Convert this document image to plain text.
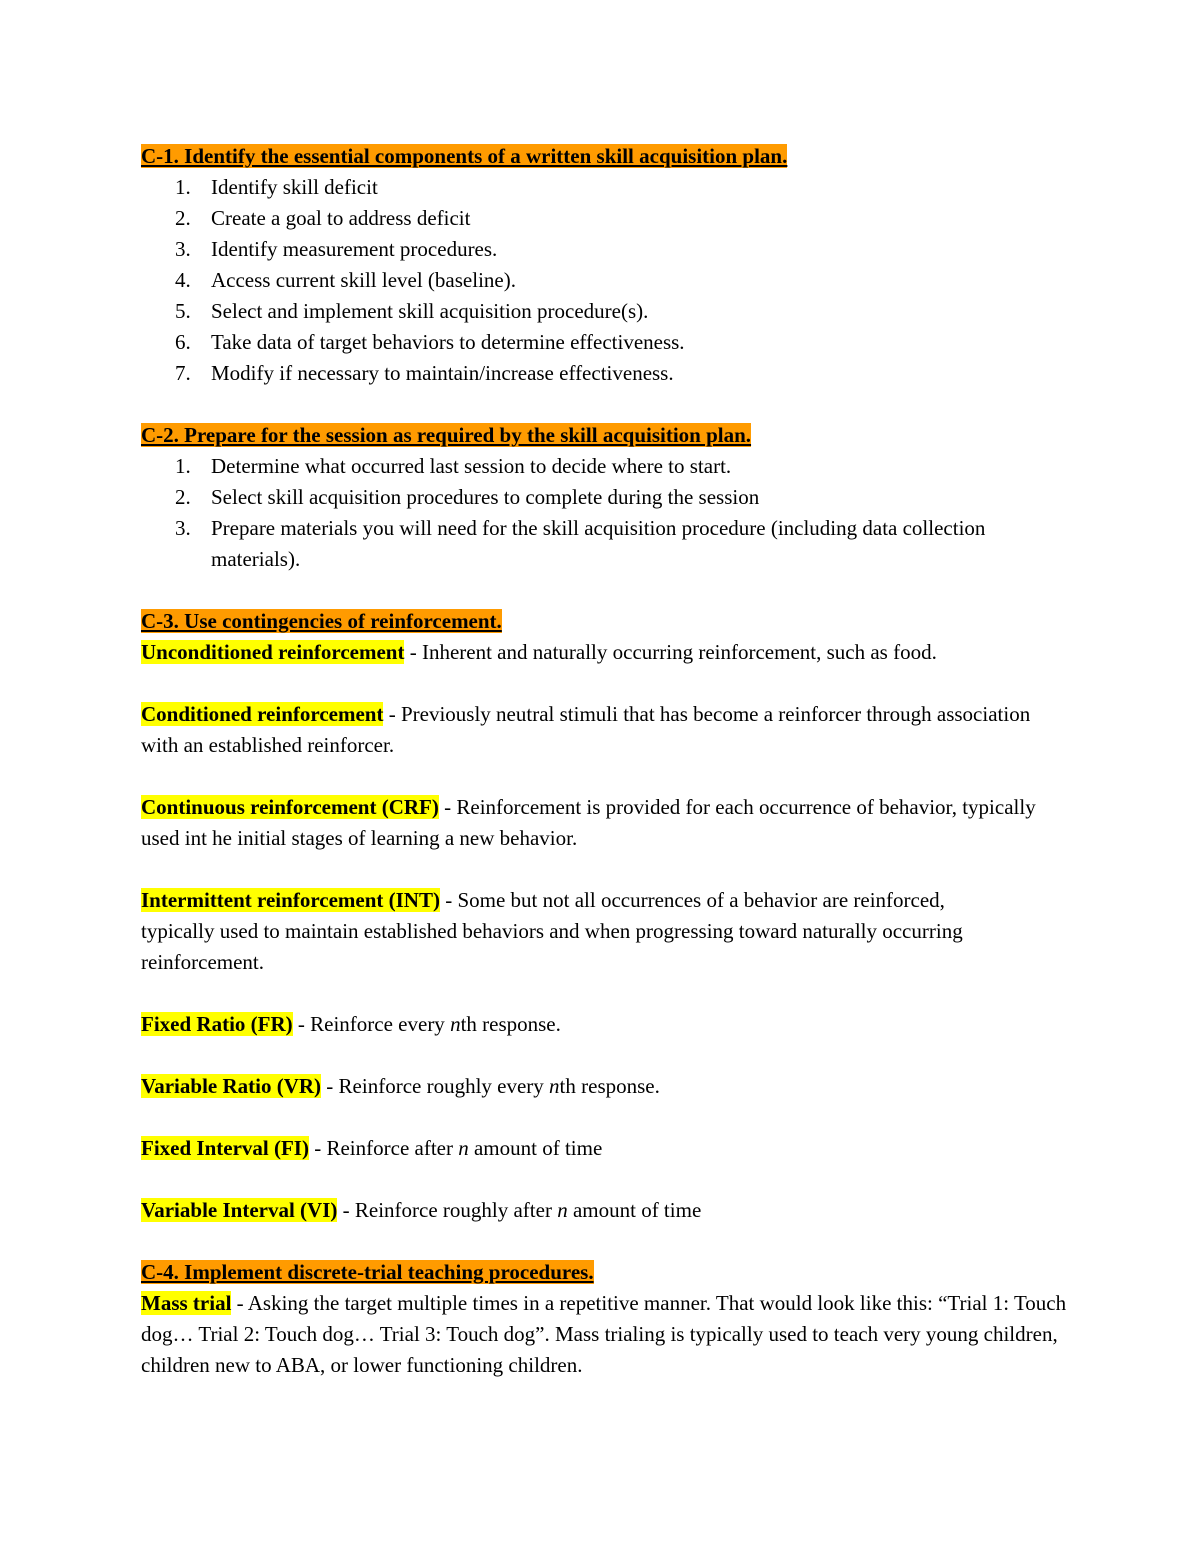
C-1. Identify the essential components of a written skill acquisition plan.

1. Identify skill deficit
2. Create a goal to address deficit
3. Identify measurement procedures.
4. Access current skill level (baseline).
5. Select and implement skill acquisition procedure(s).
6. Take data of target behaviors to determine effectiveness.
7. Modify if necessary to maintain/increase effectiveness.

C-2. Prepare for the session as required by the skill acquisition plan.

1. Determine what occurred last session to decide where to start.
2. Select skill acquisition procedures to complete during the session
3. Prepare materials you will need for the skill acquisition procedure (including data collection materials).

C-3. Use contingencies of reinforcement.

Unconditioned reinforcement - Inherent and naturally occurring reinforcement, such as food.

Conditioned reinforcement - Previously neutral stimuli that has become a reinforcer through association with an established reinforcer.

Continuous reinforcement (CRF) - Reinforcement is provided for each occurrence of behavior, typically used int he initial stages of learning a new behavior.

Intermittent reinforcement (INT) - Some but not all occurrences of a behavior are reinforced, typically used to maintain established behaviors and when progressing toward naturally occurring reinforcement.

Fixed Ratio (FR) - Reinforce every nth response.

Variable Ratio (VR) - Reinforce roughly every nth response.

Fixed Interval (FI) - Reinforce after n amount of time

Variable Interval (VI) - Reinforce roughly after n amount of time

C-4. Implement discrete-trial teaching procedures.

Mass trial - Asking the target multiple times in a repetitive manner. That would look like this: “Trial 1: Touch dog… Trial 2: Touch dog… Trial 3: Touch dog”. Mass trialing is typically used to teach very young children, children new to ABA, or lower functioning children.
